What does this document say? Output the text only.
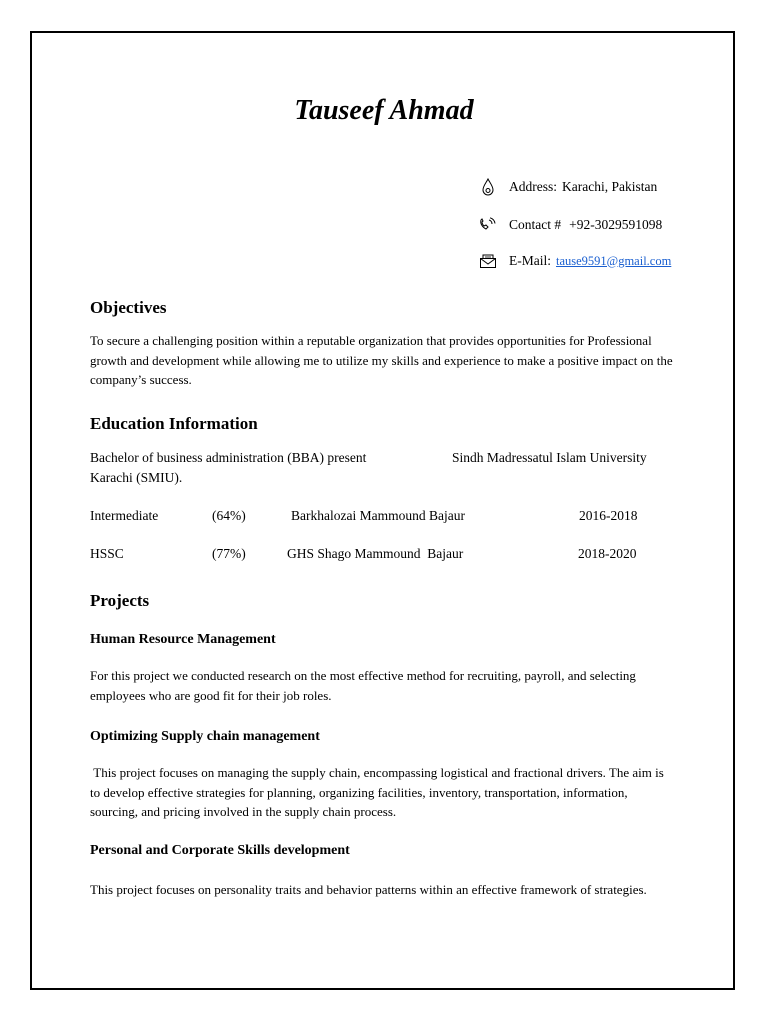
Tauseef Ahmad
Address: Karachi, Pakistan
Contact # +92-3029591098
E-Mail: tause9591@gmail.com
Objectives
To secure a challenging position within a reputable organization that provides opportunities for Professional growth and development while allowing me to utilize my skills and experience to make a positive impact on the company’s success.
Education Information
Bachelor of business administration (BBA) present	Sindh Madressatul Islam University
Karachi (SMIU).
Intermediate	(64%)	Barkhalozai Mammound Bajaur	2016-2018
HSSC	(77%)	GHS Shago Mammound  Bajaur	2018-2020
Projects
Human Resource Management
For this project we conducted research on the most effective method for recruiting, payroll, and selecting employees who are good fit for their job roles.
Optimizing Supply chain management
This project focuses on managing the supply chain, encompassing logistical and fractional drivers. The aim is to develop effective strategies for planning, organizing facilities, inventory, transportation, information, sourcing, and pricing involved in the supply chain process.
Personal and Corporate Skills development
This project focuses on personality traits and behavior patterns within an effective framework of strategies.
